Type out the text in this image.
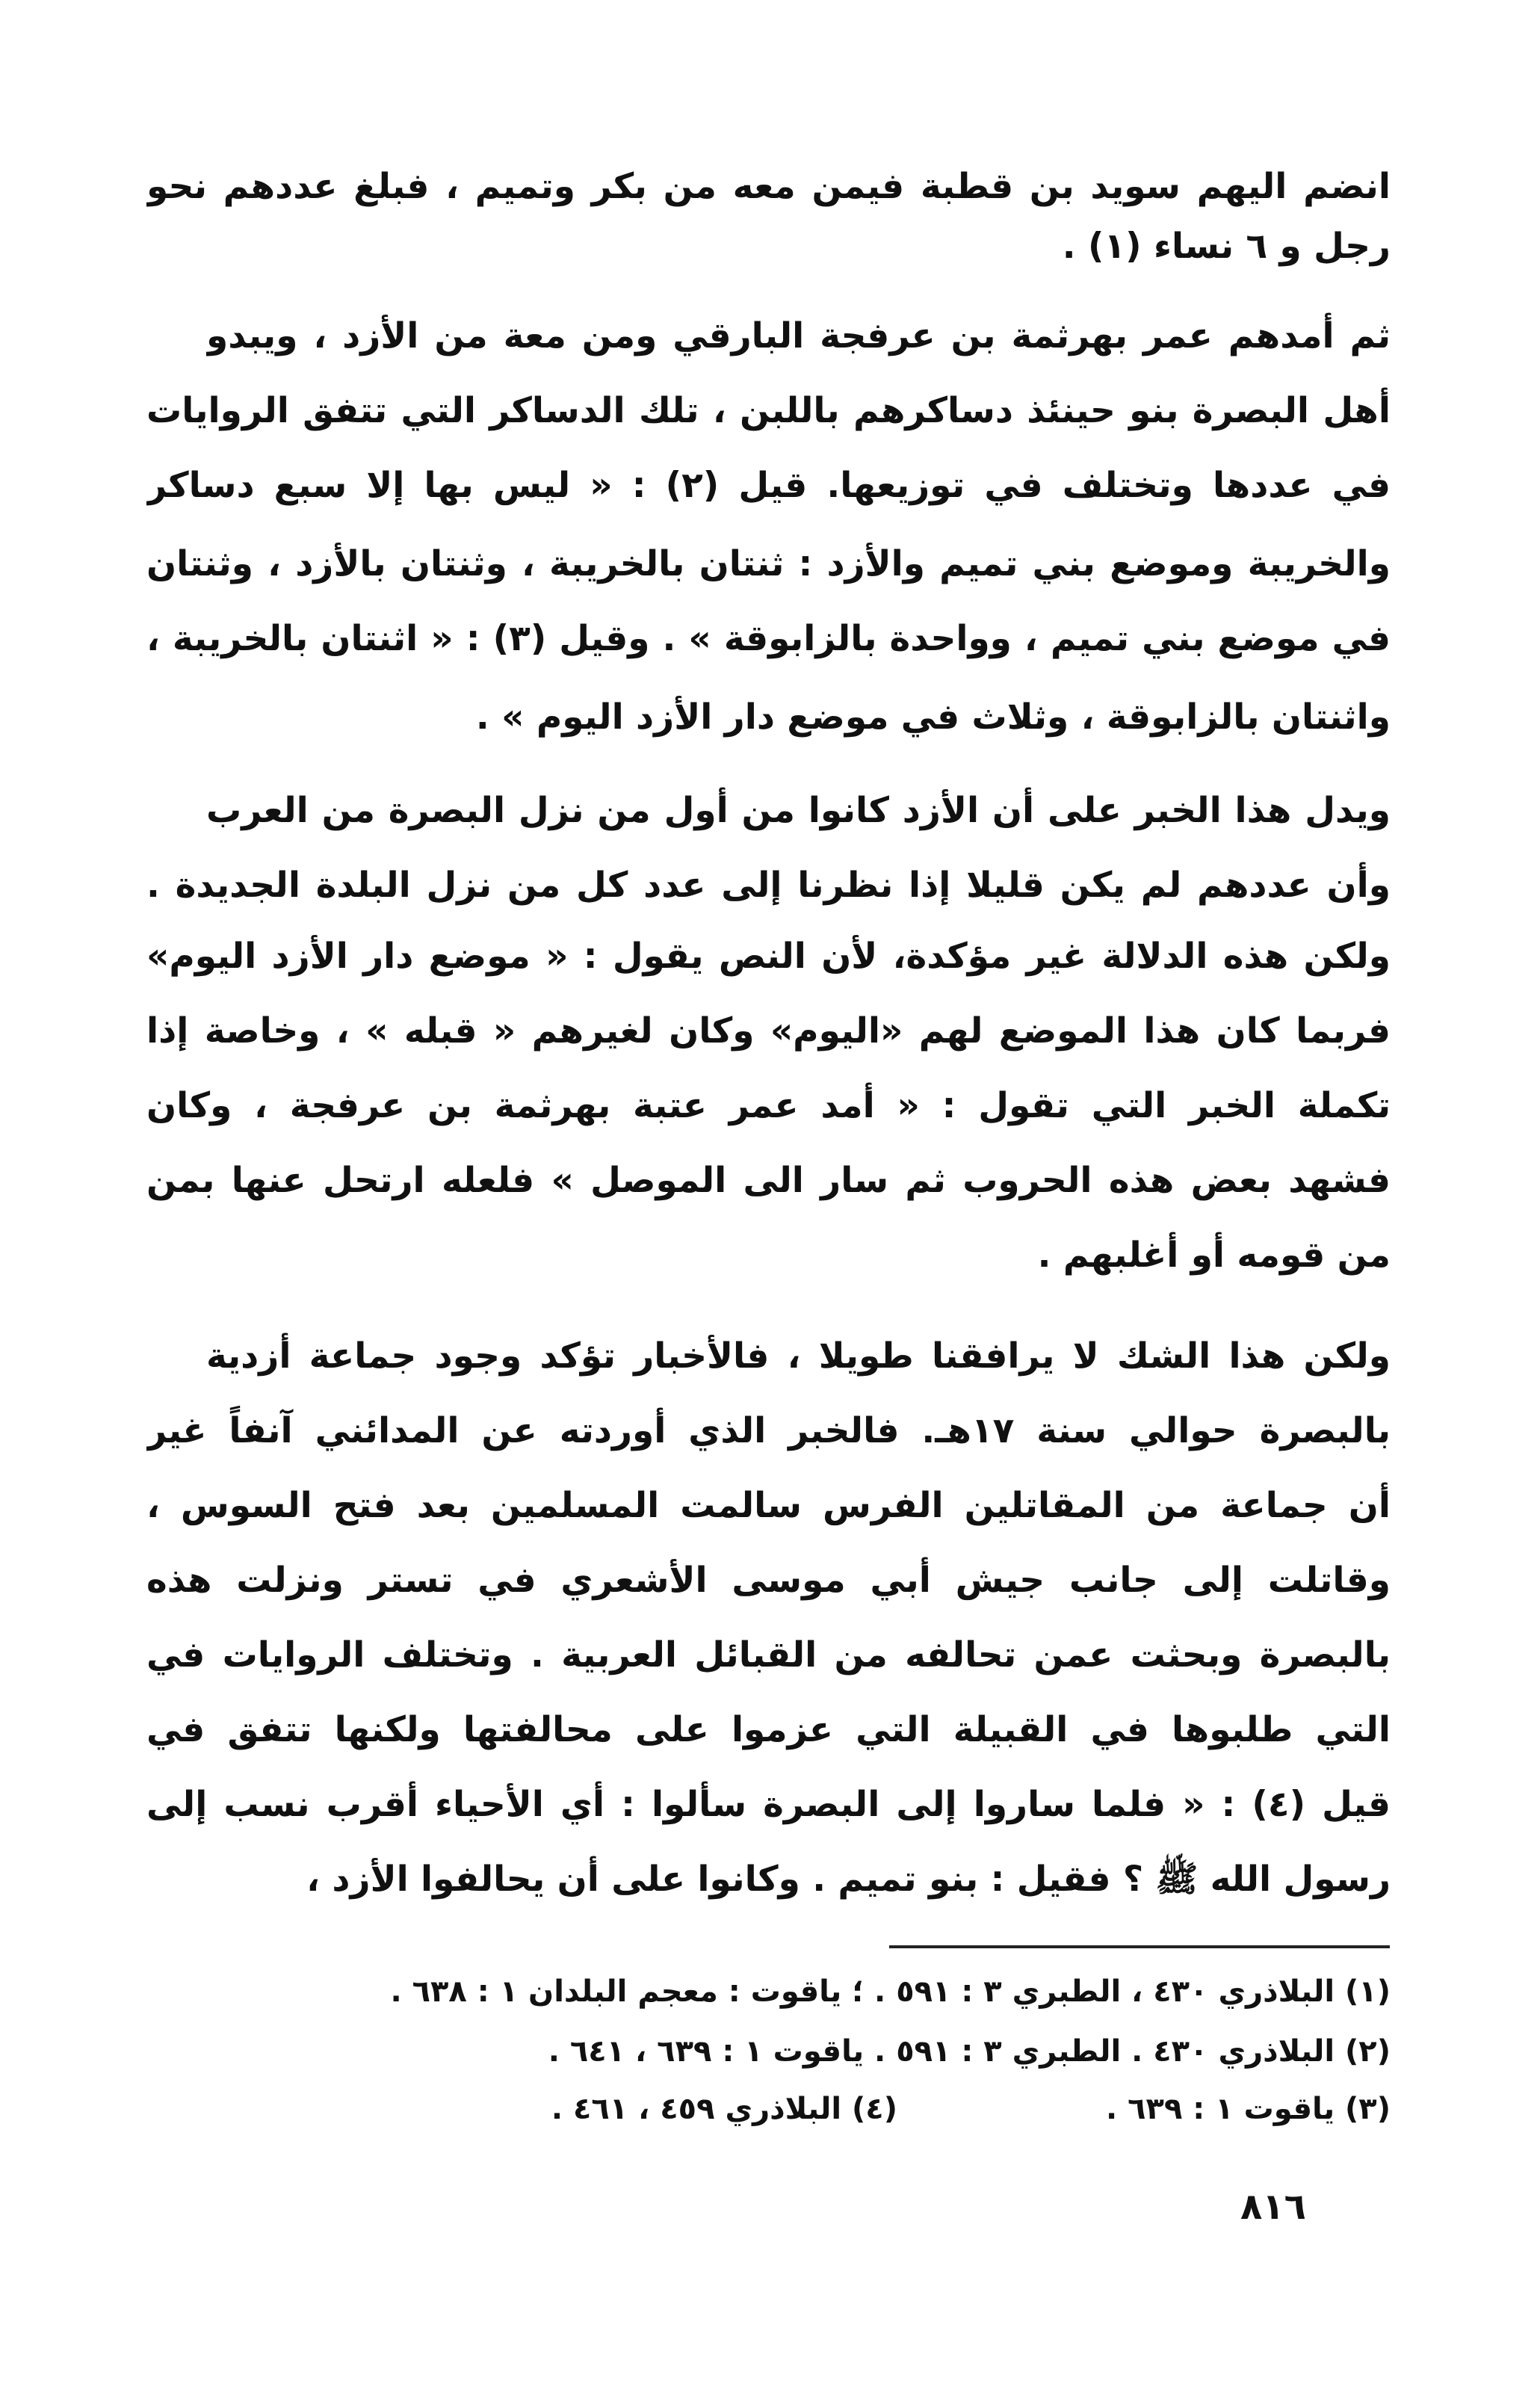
انضم اليهم سويد بن قطبة فيمن معه من بكر وتميم ، فبلغ عددهم نحو
رجل و ٦ نساء (١) .
ثم أمدهم عمر بهرثمة بن عرفجة البارقي ومن معة من الأزد ، ويبدو
أهل البصرة بنو حينئذ دساكرهم باللبن ، تلك الدساكر التي تتفق الروايات
في عددها وتختلف في توزيعها. قيل (٢) : « ليس بها إلا سبع دساكر
والخريبة وموضع بني تميم والأزد : ثنتان بالخريبة ، وثنتان بالأزد ، وثنتان
في موضع بني تميم ، وواحدة بالزابوقة » . وقيل (٣) : « اثنتان بالخريبة ،
واثنتان بالزابوقة ، وثلاث في موضع دار الأزد اليوم » .
ويدل هذا الخبر على أن الأزد كانوا من أول من نزل البصرة من العرب
وأن عددهم لم يكن قليلا إذا نظرنا إلى عدد كل من نزل البلدة الجديدة .
ولكن هذه الدلالة غير مؤكدة، لأن النص يقول : « موضع دار الأزد اليوم»
فربما كان هذا الموضع لهم «اليوم» وكان لغيرهم « قبله » ، وخاصة إذا
تكملة الخبر التي تقول : « أمد عمر عتبة بهرثمة بن عرفجة ، وكان
فشهد بعض هذه الحروب ثم سار الى الموصل » فلعله ارتحل عنها بمن
من قومه أو أغلبهم .
ولكن هذا الشك لا يرافقنا طويلا ، فالأخبار تؤكد وجود جماعة أزدية
بالبصرة حوالي سنة ١٧هـ. فالخبر الذي أوردته عن المدائني آنفاً غير
أن جماعة من المقاتلين الفرس سالمت المسلمين بعد فتح السوس ،
وقاتلت إلى جانب جيش أبي موسى الأشعري في تستر ونزلت هذه
بالبصرة وبحثت عمن تحالفه من القبائل العربية . وتختلف الروايات في
التي طلبوها في القبيلة التي عزموا على محالفتها ولكنها تتفق في
قيل (٤) : « فلما ساروا إلى البصرة سألوا : أي الأحياء أقرب نسب إلى
رسول الله ﷺ ؟ فقيل : بنو تميم . وكانوا على أن يحالفوا الأزد ،
(١) البلاذري ٤٣٠ ، الطبري ٣ : ٥٩١ . ؛ ياقوت : معجم البلدان ١ : ٦٣٨ .
(٢) البلاذري ٤٣٠ . الطبري ٣ : ٥٩١ . ياقوت ١ : ٦٣٩ ، ٦٤١ .
(٣) ياقوت ١ : ٦٣٩ .
(٤) البلاذري ٤٥٩ ، ٤٦١ .
٨١٦
